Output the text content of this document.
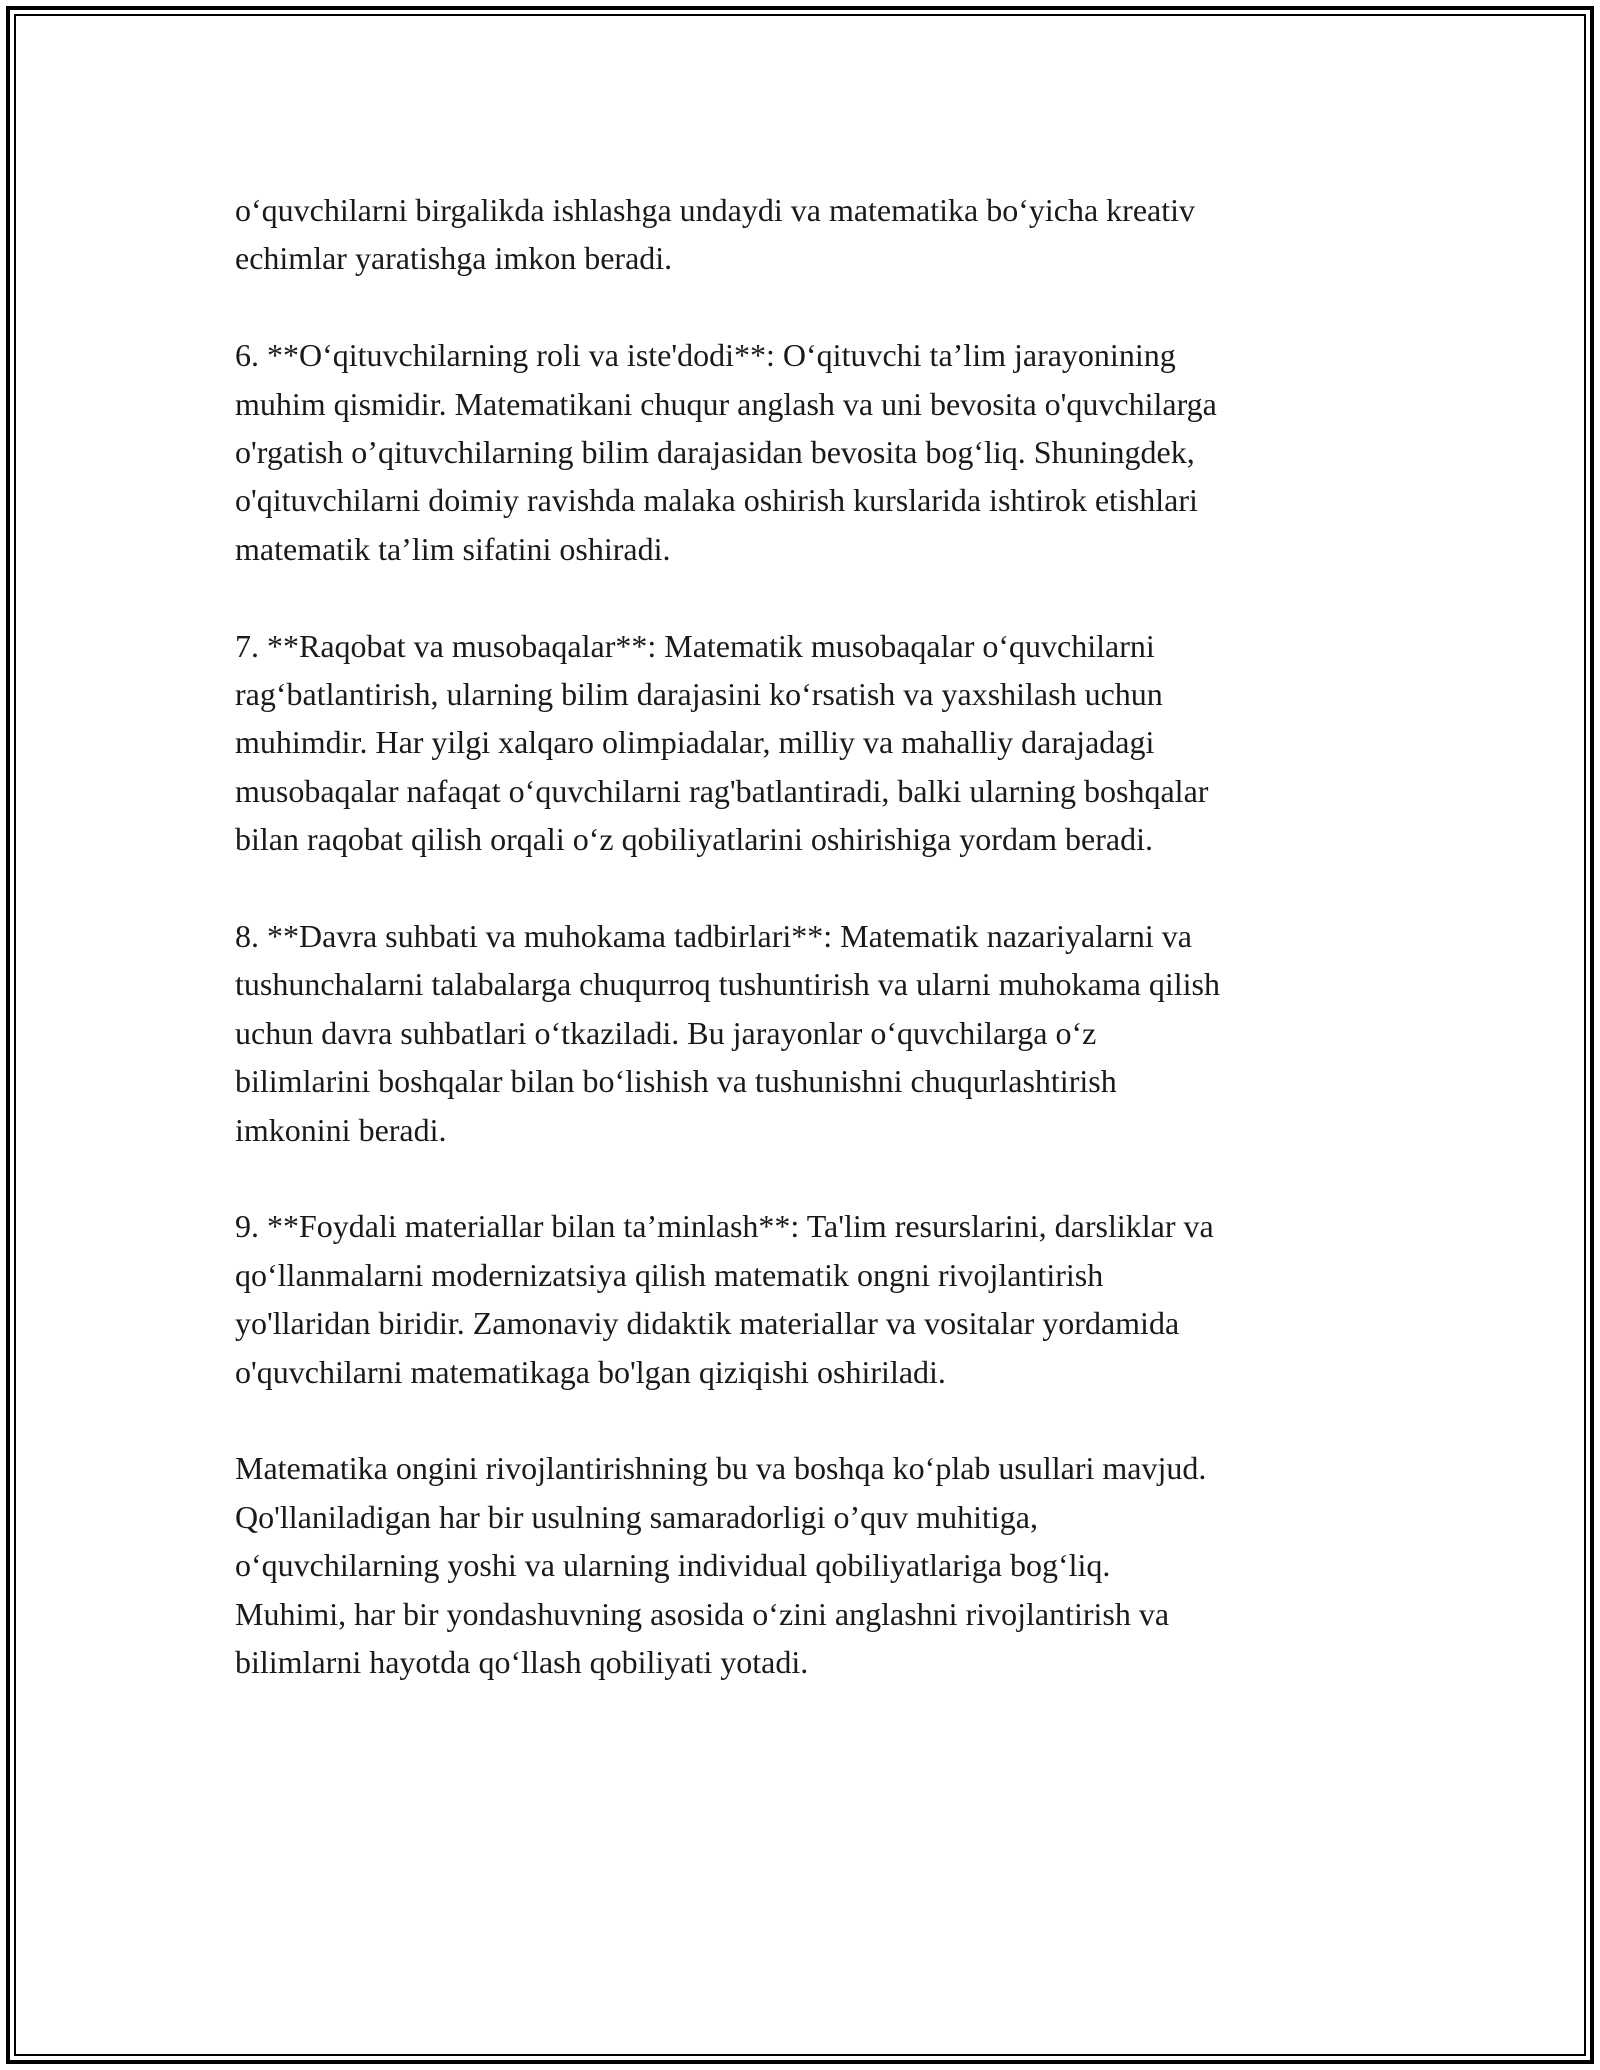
o‘quvchilarni birgalikda ishlashga undaydi va matematika bo‘yicha kreativ
echimlar yaratishga imkon beradi.

6. **O‘qituvchilarning roli va iste'dodi**: O‘qituvchi ta’lim jarayonining
muhim qismidir. Matematikani chuqur anglash va uni bevosita o'quvchilarga
o'rgatish o’qituvchilarning bilim darajasidan bevosita bog‘liq. Shuningdek,
o'qituvchilarni doimiy ravishda malaka oshirish kurslarida ishtirok etishlari
matematik ta’lim sifatini oshiradi.

7. **Raqobat va musobaqalar**: Matematik musobaqalar o‘quvchilarni
rag‘batlantirish, ularning bilim darajasini ko‘rsatish va yaxshilash uchun
muhimdir. Har yilgi xalqaro olimpiadalar, milliy va mahalliy darajadagi
musobaqalar nafaqat o‘quvchilarni rag'batlantiradi, balki ularning boshqalar
bilan raqobat qilish orqali o‘z qobiliyatlarini oshirishiga yordam beradi.

8. **Davra suhbati va muhokama tadbirlari**: Matematik nazariyalarni va
tushunchalarni talabalarga chuqurroq tushuntirish va ularni muhokama qilish
uchun davra suhbatlari o‘tkaziladi. Bu jarayonlar o‘quvchilarga o‘z
bilimlarini boshqalar bilan bo‘lishish va tushunishni chuqurlashtirish
imkonini beradi.

9. **Foydali materiallar bilan ta’minlash**: Ta'lim resurslarini, darsliklar va
qo‘llanmalarni modernizatsiya qilish matematik ongni rivojlantirish
yo'llaridan biridir. Zamonaviy didaktik materiallar va vositalar yordamida
o'quvchilarni matematikaga bo'lgan qiziqishi oshiriladi.

Matematika ongini rivojlantirishning bu va boshqa ko‘plab usullari mavjud.
Qo'llaniladigan har bir usulning samaradorligi o’quv muhitiga,
o‘quvchilarning yoshi va ularning individual qobiliyatlariga bog‘liq.
Muhimi, har bir yondashuvning asosida o‘zini anglashni rivojlantirish va
bilimlarni hayotda qo‘llash qobiliyati yotadi.
